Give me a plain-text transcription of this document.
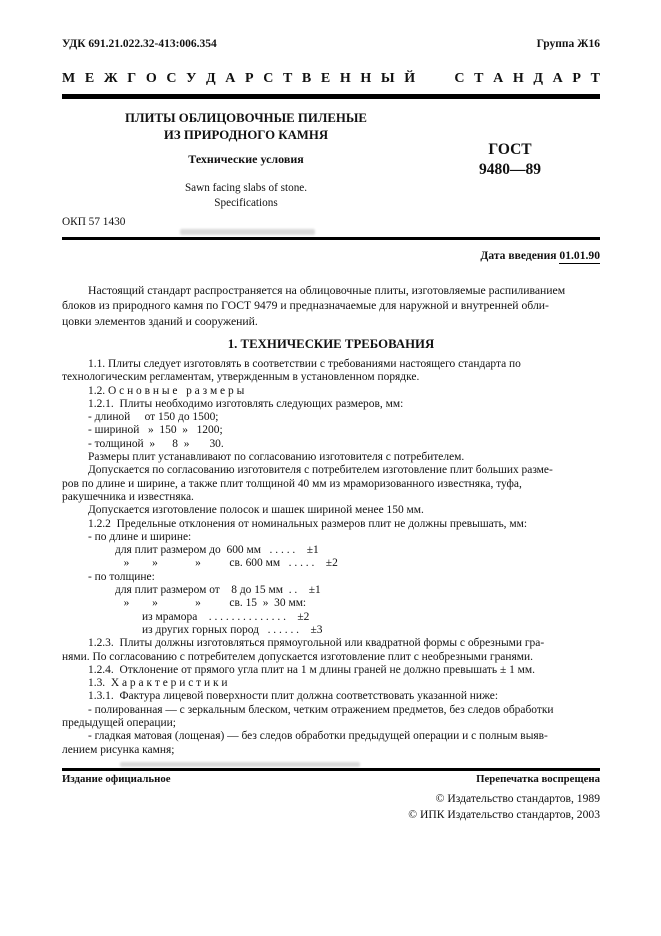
УДК 691.21.022.32-413:006.354	Группа Ж16
М Е Ж Г О С У Д А Р С Т В Е Н Н Ы Й
	С Т А Н Д А Р Т
ПЛИТЫ ОБЛИЦОВОЧНЫЕ ПИЛЕНЫЕ
ИЗ ПРИРОДНОГО КАМНЯ
Технические условия
Sawn facing slabs of stone.
Specifications
ГОСТ
9480—89
ОКП 57 1430
Дата введения 01.01.90
Настоящий стандарт распространяется на облицовочные плиты, изготовляемые распиливанием
блоков из природного камня по ГОСТ 9479 и предназначаемые для наружной и внутренней обли-
цовки элементов зданий и сооружений.
1. ТЕХНИЧЕСКИЕ ТРЕБОВАНИЯ
1.1. Плиты следует изготовлять в соответствии с требованиями настоящего стандарта по
технологическим регламентам, утвержденным в установленном порядке.
1.2. О с н о в н ы е   р а з м е р ы
1.2.1.  Плиты необходимо изготовлять следующих размеров, мм:
- длиной     от 150 до 1500;
- шириной   »  150  »   1200;
- толщиной  »      8  »       30.
Размеры плит устанавливают по согласованию изготовителя с потребителем.
Допускается по согласованию изготовителя с потребителем изготовление плит больших разме-
ров по длине и ширине, а также плит толщиной 40 мм из мраморизованного известняка, туфа,
ракушечника и известняка.
Допускается изготовление полосок и шашек шириной менее 150 мм.
1.2.2  Предельные отклонения от номинальных размеров плит не должны превышать, мм:
- по длине и ширине:
для плит размером до  600 мм   . . . . .    ±1
»        »             »          св. 600 мм   . . . . .    ±2
- по толщине:
для плит размером от    8 до 15 мм  . .    ±1
»        »             »          св. 15  »  30 мм:
из мрамора    . . . . . . . . . . . . . .    ±2
из других горных пород   . . . . . .    ±3
1.2.3.  Плиты должны изготовляться прямоугольной или квадратной формы с обрезными гра-
нями. По согласованию с потребителем допускается изготовление плит с необрезными гранями.
1.2.4.  Отклонение от прямого угла плит на 1 м длины граней не должно превышать ± 1 мм.
1.3.  Х а р а к т е р и с т и к и
1.3.1.  Фактура лицевой поверхности плит должна соответствовать указанной ниже:
- полированная — с зеркальным блеском, четким отражением предметов, без следов обработки
предыдущей операции;
- гладкая матовая (лощеная) — без следов обработки предыдущей операции и с полным выяв-
лением рисунка камня;
Издание официальное	Перепечатка воспрещена
© Издательство стандартов, 1989
© ИПК Издательство стандартов, 2003
